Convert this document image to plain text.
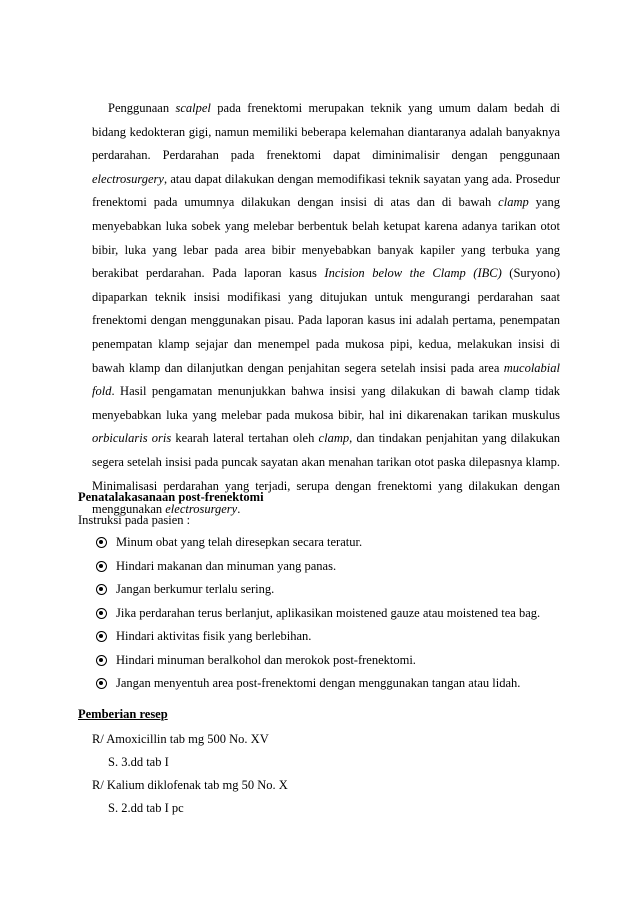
Penggunaan scalpel pada frenektomi merupakan teknik yang umum dalam bedah di bidang kedokteran gigi, namun memiliki beberapa kelemahan diantaranya adalah banyaknya perdarahan. Perdarahan pada frenektomi dapat diminimalisir dengan penggunaan electrosurgery, atau dapat dilakukan dengan memodifikasi teknik sayatan yang ada. Prosedur frenektomi pada umumnya dilakukan dengan insisi di atas dan di bawah clamp yang menyebabkan luka sobek yang melebar berbentuk belah ketupat karena adanya tarikan otot bibir, luka yang lebar pada area bibir menyebabkan banyak kapiler yang terbuka yang berakibat perdarahan. Pada laporan kasus Incision below the Clamp (IBC) (Suryono) dipaparkan teknik insisi modifikasi yang ditujukan untuk mengurangi perdarahan saat frenektomi dengan menggunakan pisau. Pada laporan kasus ini adalah pertama, penempatan penempatan klamp sejajar dan menempel pada mukosa pipi, kedua, melakukan insisi di bawah klamp dan dilanjutkan dengan penjahitan segera setelah insisi pada area mucolabial fold. Hasil pengamatan menunjukkan bahwa insisi yang dilakukan di bawah clamp tidak menyebabkan luka yang melebar pada mukosa bibir, hal ini dikarenakan tarikan muskulus orbicularis oris kearah lateral tertahan oleh clamp, dan tindakan penjahitan yang dilakukan segera setelah insisi pada puncak sayatan akan menahan tarikan otot paska dilepasnya klamp. Minimalisasi perdarahan yang terjadi, serupa dengan frenektomi yang dilakukan dengan menggunakan electrosurgery.

Penatalakasanaan post-frenektomi

Instruksi pada pasien :

Minum obat yang telah diresepkan secara teratur.
Hindari makanan dan minuman yang panas.
Jangan berkumur terlalu sering.
Jika perdarahan terus berlanjut, aplikasikan moistened gauze atau moistened tea bag.
Hindari aktivitas fisik yang berlebihan.
Hindari minuman beralkohol dan merokok post-frenektomi.
Jangan menyentuh area post-frenektomi dengan menggunakan tangan atau lidah.

Pemberian resep

R/ Amoxicillin tab mg 500 No. XV

S. 3.dd tab I

R/ Kalium diklofenak tab mg 50 No. X

S. 2.dd tab I pc
